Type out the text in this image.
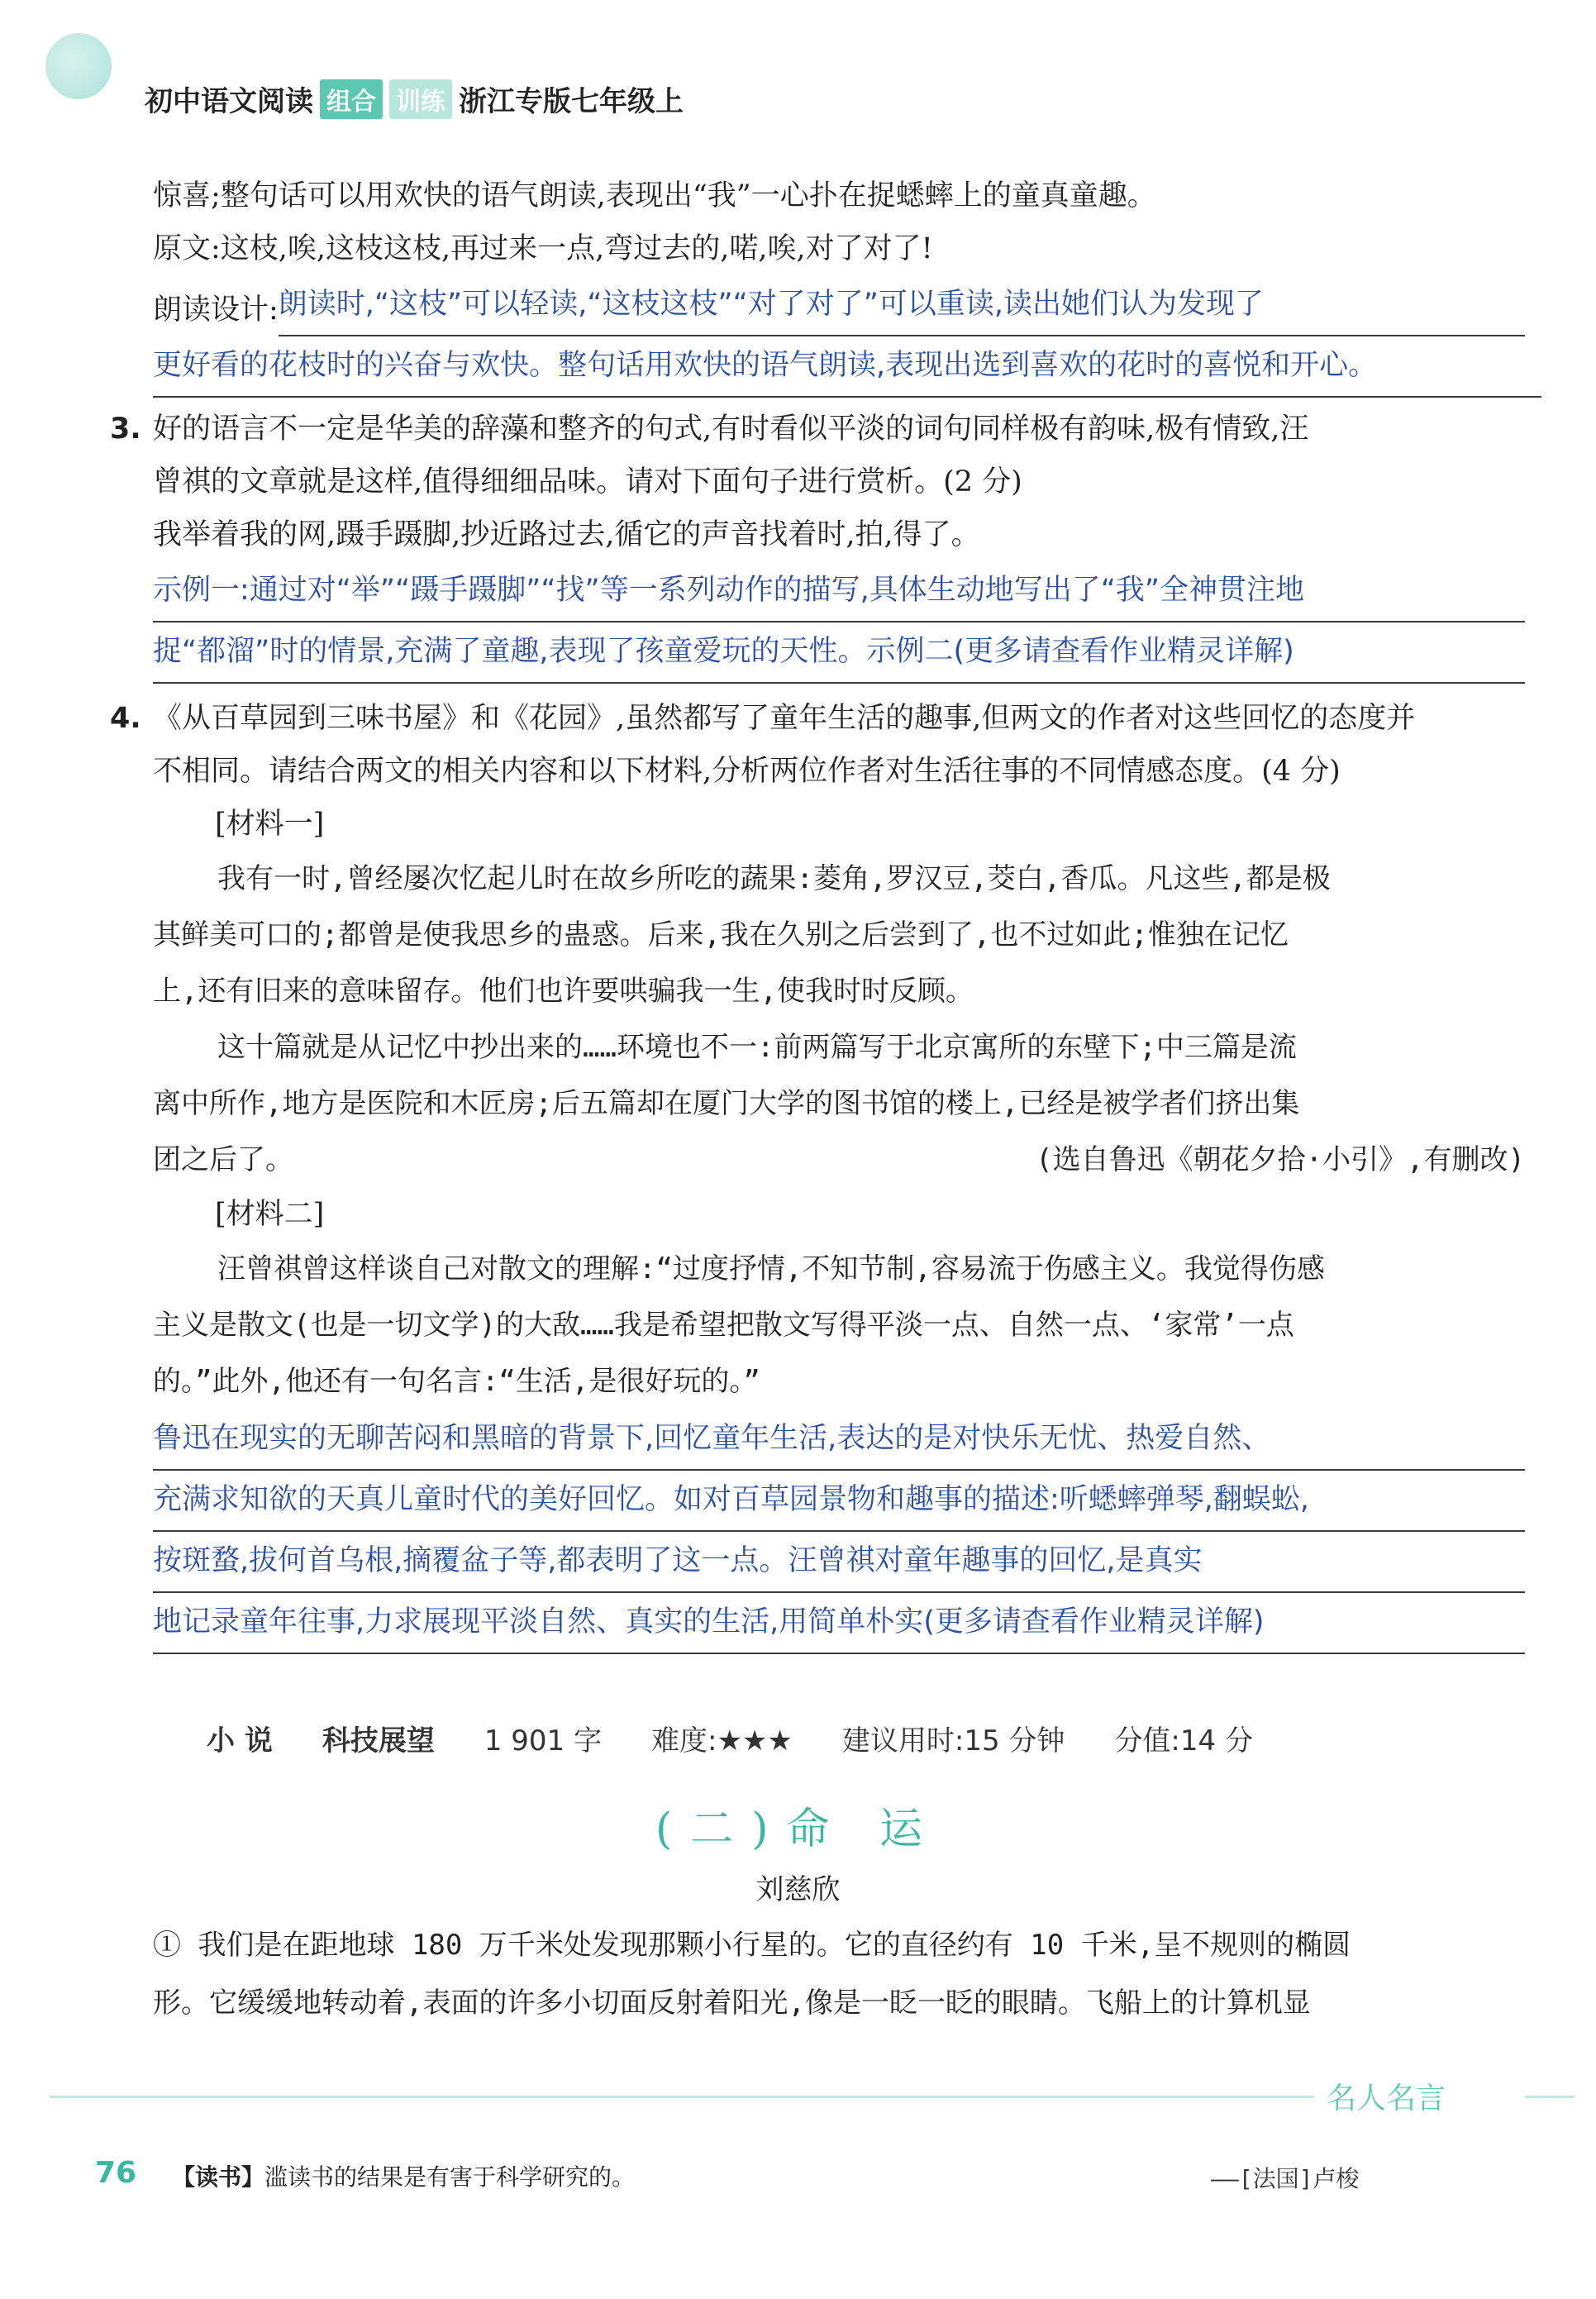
初中语文阅读 组合 训练 浙江专版七年级上
惊喜;整句话可以用欢快的语气朗读,表现出“我”一心扑在捉蟋蟀上的童真童趣。
原文:这枝,唉,这枝这枝,再过来一点,弯过去的,喏,唉,对了对了!
朗读设计: 朗读时,“这枝”可以轻读,“这枝这枝”“对了对了”可以重读,读出她们认为发现了
更好看的花枝时的兴奋与欢快。整句话用欢快的语气朗读,表现出选到喜欢的花时的喜悦和开心。
3. 好的语言不一定是华美的辞藻和整齐的句式,有时看似平淡的词句同样极有韵味,极有情致,汪
曾祺的文章就是这样,值得细细品味。请对下面句子进行赏析。(2 分)
我举着我的网,蹑手蹑脚,抄近路过去,循它的声音找着时,拍,得了。
示例一:通过对“举”“蹑手蹑脚”“找”等一系列动作的描写,具体生动地写出了“我”全神贯注地
捉“都溜”时的情景,充满了童趣,表现了孩童爱玩的天性。示例二(更多请查看作业精灵详解)
4. 《从百草园到三味书屋》和《花园》,虽然都写了童年生活的趣事,但两文的作者对这些回忆的态度并
不相同。请结合两文的相关内容和以下材料,分析两位作者对生活往事的不同情感态度。(4 分)
[材料一]
我有一时,曾经屡次忆起儿时在故乡所吃的蔬果:菱角,罗汉豆,茭白,香瓜。凡这些,都是极
其鲜美可口的;都曾是使我思乡的蛊惑。后来,我在久别之后尝到了,也不过如此;惟独在记忆
上,还有旧来的意味留存。他们也许要哄骗我一生,使我时时反顾。
这十篇就是从记忆中抄出来的……环境也不一:前两篇写于北京寓所的东壁下;中三篇是流
离中所作,地方是医院和木匠房;后五篇却在厦门大学的图书馆的楼上,已经是被学者们挤出集
团之后了。	(选自鲁迅《朝花夕拾·小引》,有删改)
[材料二]
汪曾祺曾这样谈自己对散文的理解:“过度抒情,不知节制,容易流于伤感主义。我觉得伤感
主义是散文(也是一切文学)的大敌……我是希望把散文写得平淡一点、自然一点、‘家常’一点
的。”此外,他还有一句名言:“生活,是很好玩的。”
鲁迅在现实的无聊苦闷和黑暗的背景下,回忆童年生活,表达的是对快乐无忧、热爱自然、
充满求知欲的天真儿童时代的美好回忆。如对百草园景物和趣事的描述:听蟋蟀弹琴,翻蜈蚣,
按斑蝥,拔何首乌根,摘覆盆子等,都表明了这一点。汪曾祺对童年趣事的回忆,是真实
地记录童年往事,力求展现平淡自然、真实的生活,用简单朴实(更多请查看作业精灵详解)
小 说 科技展望 1 901 字 难度:★★★ 建议用时:15 分钟 分值:14 分
(二)命 运
刘慈欣
① 我们是在距地球 180 万千米处发现那颗小行星的。它的直径约有 10 千米,呈不规则的椭圆
形。它缓缓地转动着,表面的许多小切面反射着阳光,像是一眨一眨的眼睛。飞船上的计算机显
名人名言
76 【读书】滥读书的结果是有害于科学研究的。	——[法国]卢梭
